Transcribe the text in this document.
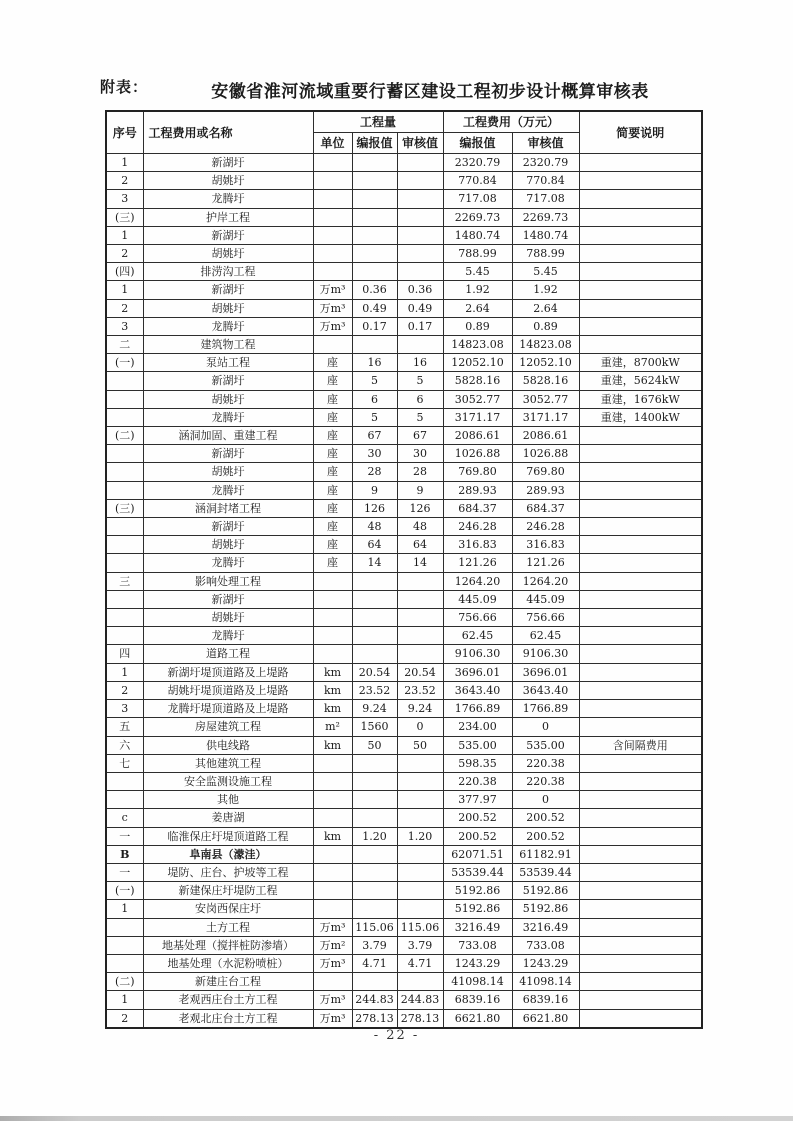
附表：	安徽省淮河流域重要行蓄区建设工程初步设计概算审核表
序号	工程费用或名称	工程量			工程费用（万元）		简要说明
		单位	编报值	审核值	编报值	审核值	
1	新湖圩				2320.79	2320.79	
2	胡姚圩				770.84	770.84	
3	龙腾圩				717.08	717.08	
(三)	护岸工程				2269.73	2269.73	
1	新湖圩				1480.74	1480.74	
2	胡姚圩				788.99	788.99	
(四)	排涝沟工程				5.45	5.45	
1	新湖圩	万m³	0.36	0.36	1.92	1.92	
2	胡姚圩	万m³	0.49	0.49	2.64	2.64	
3	龙腾圩	万m³	0.17	0.17	0.89	0.89	
二	建筑物工程				14823.08	14823.08	
(一)	泵站工程	座	16	16	12052.10	12052.10	重建，8700kW
	新湖圩	座	5	5	5828.16	5828.16	重建，5624kW
	胡姚圩	座	6	6	3052.77	3052.77	重建，1676kW
	龙腾圩	座	5	5	3171.17	3171.17	重建，1400kW
(二)	涵洞加固、重建工程	座	67	67	2086.61	2086.61	
	新湖圩	座	30	30	1026.88	1026.88	
	胡姚圩	座	28	28	769.80	769.80	
	龙腾圩	座	9	9	289.93	289.93	
(三)	涵洞封堵工程	座	126	126	684.37	684.37	
	新湖圩	座	48	48	246.28	246.28	
	胡姚圩	座	64	64	316.83	316.83	
	龙腾圩	座	14	14	121.26	121.26	
三	影响处理工程				1264.20	1264.20	
	新湖圩				445.09	445.09	
	胡姚圩				756.66	756.66	
	龙腾圩				62.45	62.45	
四	道路工程				9106.30	9106.30	
1	新湖圩堤顶道路及上堤路	km	20.54	20.54	3696.01	3696.01	
2	胡姚圩堤顶道路及上堤路	km	23.52	23.52	3643.40	3643.40	
3	龙腾圩堤顶道路及上堤路	km	9.24	9.24	1766.89	1766.89	
五	房屋建筑工程	m²	1560	0	234.00	0	
六	供电线路	km	50	50	535.00	535.00	含间隔费用
七	其他建筑工程				598.35	220.38	
	安全监测设施工程				220.38	220.38	
	其他				377.97	0	
c	姜唐湖				200.52	200.52	
一	临淮保庄圩堤顶道路工程	km	1.20	1.20	200.52	200.52	
B	阜南县（濛洼）				62071.51	61182.91	
一	堤防、庄台、护坡等工程				53539.44	53539.44	
(一)	新建保庄圩堤防工程				5192.86	5192.86	
1	安岗西保庄圩				5192.86	5192.86	
	土方工程	万m³	115.06	115.06	3216.49	3216.49	
	地基处理（搅拌桩防渗墙）	万m²	3.79	3.79	733.08	733.08	
	地基处理（水泥粉喷桩）	万m³	4.71	4.71	1243.29	1243.29	
(二)	新建庄台工程				41098.14	41098.14	
1	老观西庄台土方工程	万m³	244.83	244.83	6839.16	6839.16	
2	老观北庄台土方工程	万m³	278.13	278.13	6621.80	6621.80	
- 22 -
